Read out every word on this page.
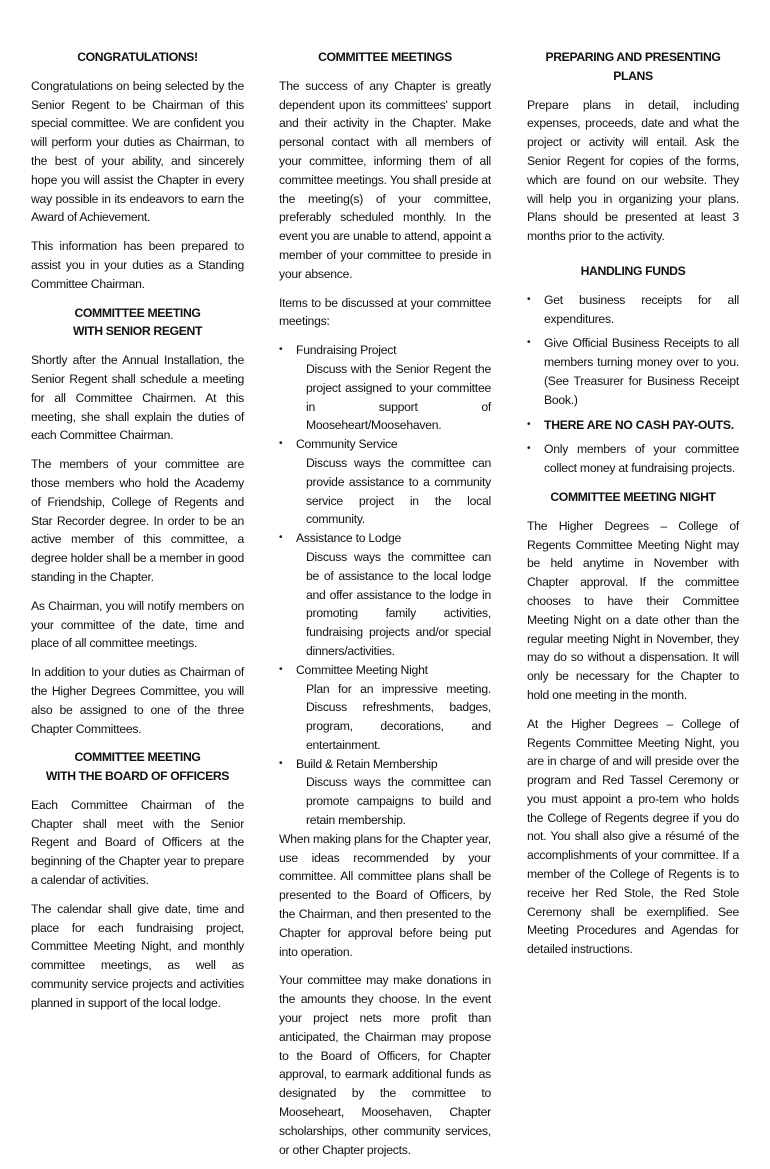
CONGRATULATIONS!

Congratulations on being selected by the Senior Regent to be Chairman of this special committee. We are confident you will perform your duties as Chairman, to the best of your ability, and sincerely hope you will assist the Chapter in every way possible in its endeavors to earn the Award of Achievement.

This information has been prepared to assist you in your duties as a Standing Committee Chairman.

COMMITTEE MEETING
WITH SENIOR REGENT

Shortly after the Annual Installation, the Senior Regent shall schedule a meeting for all Committee Chairmen. At this meeting, she shall explain the duties of each Committee Chairman.

The members of your committee are those members who hold the Academy of Friendship, College of Regents and Star Recorder degree. In order to be an active member of this committee, a degree holder shall be a member in good standing in the Chapter.

As Chairman, you will notify members on your committee of the date, time and place of all committee meetings.

In addition to your duties as Chairman of the Higher Degrees Committee, you will also be assigned to one of the three Chapter Committees.

COMMITTEE MEETING
WITH THE BOARD OF OFFICERS

Each Committee Chairman of the Chapter shall meet with the Senior Regent and Board of Officers at the beginning of the Chapter year to prepare a calendar of activities.

The calendar shall give date, time and place for each fundraising project, Committee Meeting Night, and monthly committee meetings, as well as community service projects and activities planned in support of the local lodge.

COMMITTEE MEETINGS

The success of any Chapter is greatly dependent upon its committees' support and their activity in the Chapter. Make personal contact with all members of your committee, informing them of all committee meetings. You shall preside at the meeting(s) of your committee, preferably scheduled monthly. In the event you are unable to attend, appoint a member of your committee to preside in your absence.

Items to be discussed at your committee meetings:

• Fundraising Project
Discuss with the Senior Regent the project assigned to your committee in support of Mooseheart/Moosehaven.
• Community Service
Discuss ways the committee can provide assistance to a community service project in the local community.
• Assistance to Lodge
Discuss ways the committee can be of assistance to the local lodge and offer assistance to the lodge in promoting family activities, fundraising projects and/or special dinners/activities.
• Committee Meeting Night
Plan for an impressive meeting. Discuss refreshments, badges, program, decorations, and entertainment.
• Build & Retain Membership
Discuss ways the committee can promote campaigns to build and retain membership.

When making plans for the Chapter year, use ideas recommended by your committee. All committee plans shall be presented to the Board of Officers, by the Chairman, and then presented to the Chapter for approval before being put into operation.

Your committee may make donations in the amounts they choose. In the event your project nets more profit than anticipated, the Chairman may propose to the Board of Officers, for Chapter approval, to earmark additional funds as designated by the committee to Mooseheart, Moosehaven, Chapter scholarships, other community services, or other Chapter projects.

PREPARING AND PRESENTING PLANS

Prepare plans in detail, including expenses, proceeds, date and what the project or activity will entail. Ask the Senior Regent for copies of the forms, which are found on our website. They will help you in organizing your plans. Plans should be presented at least 3 months prior to the activity.

HANDLING FUNDS
• Get business receipts for all expenditures.
• Give Official Business Receipts to all members turning money over to you. (See Treasurer for Business Receipt Book.)
• THERE ARE NO CASH PAY-OUTS.
• Only members of your committee collect money at fundraising projects.
COMMITTEE MEETING NIGHT

The Higher Degrees – College of Regents Committee Meeting Night may be held anytime in November with Chapter approval. If the committee chooses to have their Committee Meeting Night on a date other than the regular meeting Night in November, they may do so without a dispensation. It will only be necessary for the Chapter to hold one meeting in the month.

At the Higher Degrees – College of Regents Committee Meeting Night, you are in charge of and will preside over the program and Red Tassel Ceremony or you must appoint a pro-tem who holds the College of Regents degree if you do not. You shall also give a résumé of the accomplishments of your committee. If a member of the College of Regents is to receive her Red Stole, the Red Stole Ceremony shall be exemplified. See Meeting Procedures and Agendas for detailed instructions.
